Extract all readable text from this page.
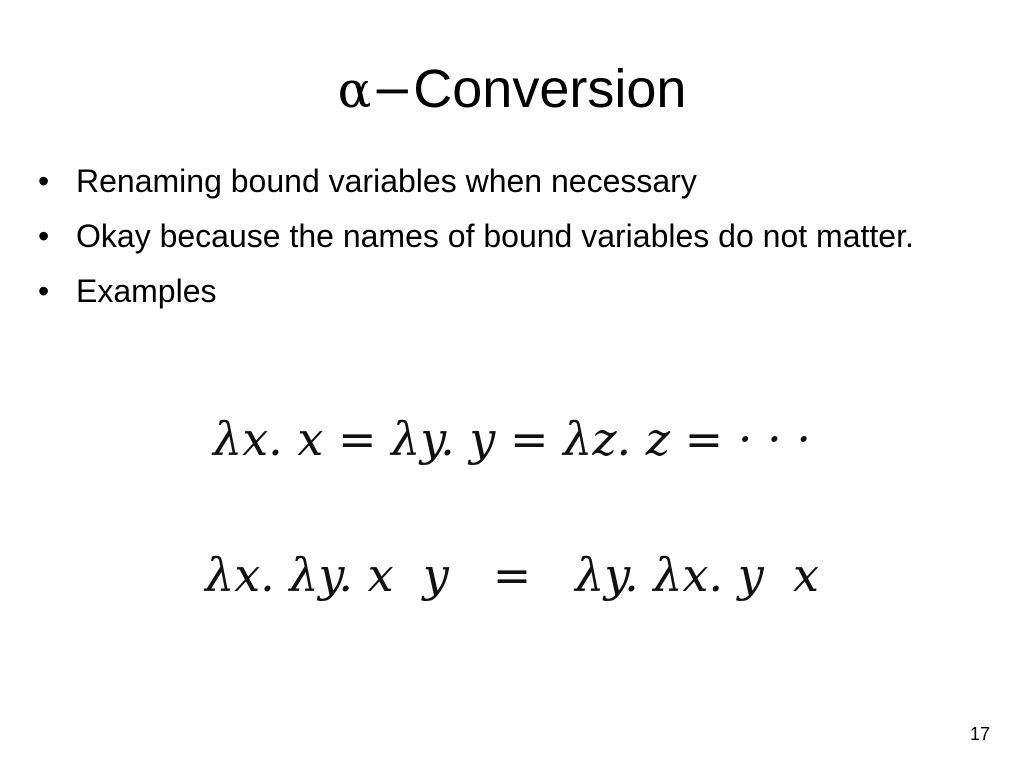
α−Conversion
• Renaming bound variables when necessary
• Okay because the names of bound variables do not matter.
• Examples
λx. x = λy. y = λz. z = · · ·
λx. λy. x  y   =   λy. λx. y  x
17
